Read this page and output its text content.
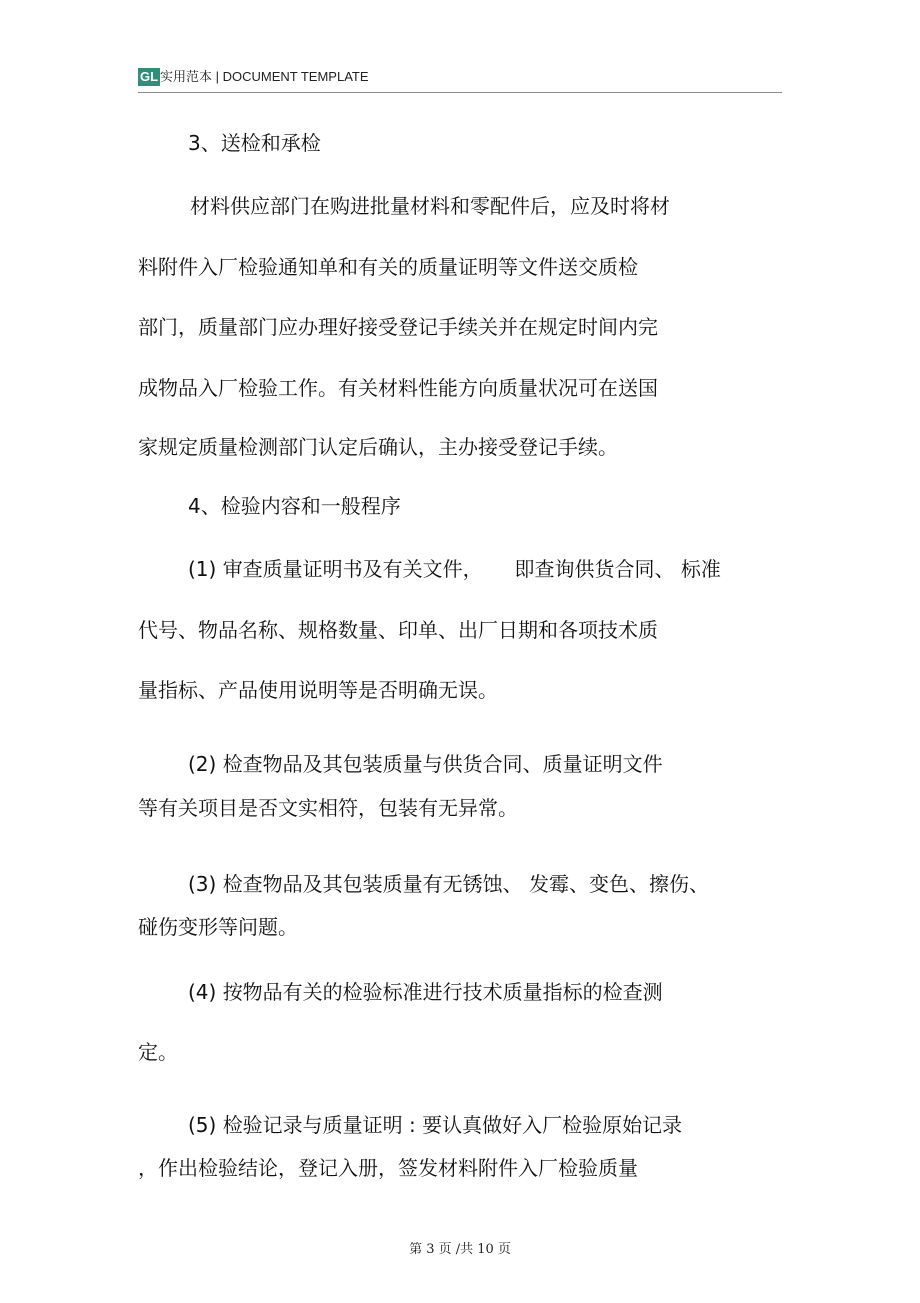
GL 实用范本 | DOCUMENT TEMPLATE
3、送检和承检
材料供应部门在购进批量材料和零配件后，应及时将材
料附件入厂检验通知单和有关的质量证明等文件送交质检
部门，质量部门应办理好接受登记手续关并在规定时间内完
成物品入厂检验工作。有关材料性能方向质量状况可在送国
家规定质量检测部门认定后确认，主办接受登记手续。
4、检验内容和一般程序
(1) 审查质量证明书及有关文件，     即查询供货合同、 标准
代号、物品名称、规格数量、印单、出厂日期和各项技术质
量指标、产品使用说明等是否明确无误。
(2) 检查物品及其包装质量与供货合同、质量证明文件
等有关项目是否文实相符，包装有无异常。
(3) 检查物品及其包装质量有无锈蚀、 发霉、变色、擦伤、
碰伤变形等问题。
(4) 按物品有关的检验标准进行技术质量指标的检查测
定。
(5) 检验记录与质量证明 : 要认真做好入厂检验原始记录
，作出检验结论，登记入册，签发材料附件入厂检验质量
第 3 页 /共 10 页
